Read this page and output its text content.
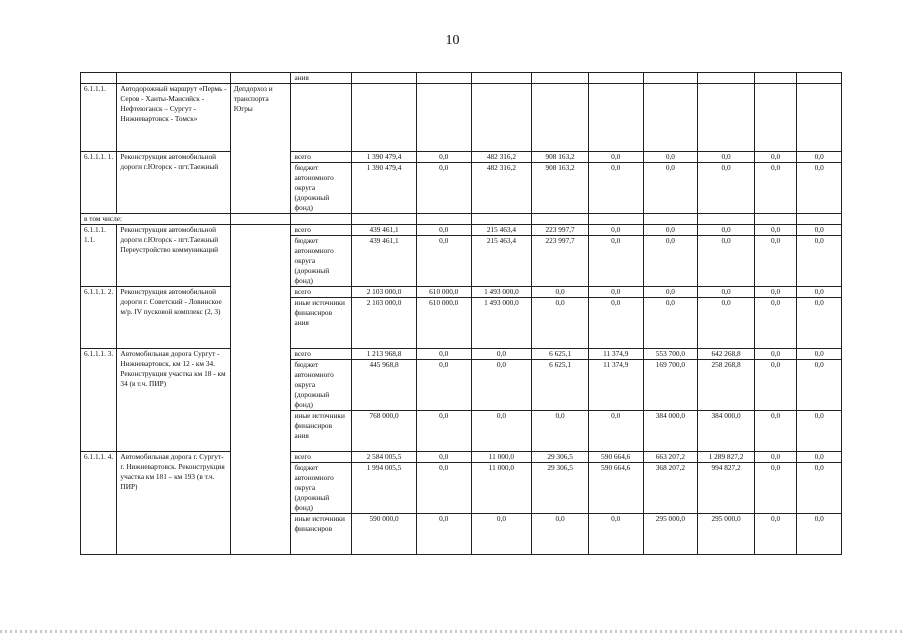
10
			ания									
6.1.1.1.	Автодорожный маршрут «Пермь - Серов - Ханты-Мансийск - Нефтеюганск – Сургут - Нижневартовск - Томск»	Депдорхоз и транспорта Югры										
6.1.1.1. 1.	Реконструкция автомобильной дороги г.Югорск - пгт.Таежный		всего	1 390 479,4	0,0	482 316,2	908 163,2	0,0	0,0	0,0	0,0	0,0
			бюджет автономного округа (дорожный фонд)	1 390 479,4	0,0	482 316,2	908 163,2	0,0	0,0	0,0	0,0	0,0
в том числе:												
6.1.1.1. 1.1.	Реконструкция автомобильной дороги г.Югорск - пгт.Таежный Переустройство коммуникаций		всего	439 461,1	0,0	215 463,4	223 997,7	0,0	0,0	0,0	0,0	0,0
			бюджет автономного округа (дорожный фонд)	439 461,1	0,0	215 463,4	223 997,7	0,0	0,0	0,0	0,0	0,0
6.1.1.1. 2.	Реконструкция автомобильной дороги г. Советский - Ловинское м/р. IV пусковой комплекс (2, 3)		всего	2 103 000,0	610 000,0	1 493 000,0	0,0	0,0	0,0	0,0	0,0	0,0
			иные источники финансиров ания	2 103 000,0	610 000,0	1 493 000,0	0,0	0,0	0,0	0,0	0,0	0,0
6.1.1.1. 3.	Автомобильная дорога Сургут - Нижневартовск, км 12 - км 34. Реконструкция участка км 18 - км 34 (в т.ч. ПИР)		всего	1 213 968,8	0,0	0,0	6 625,1	11 374,9	553 700,0	642 268,8	0,0	0,0
			бюджет автономного округа (дорожный фонд)	445 968,8	0,0	0,0	6 625,1	11 374,9	169 700,0	258 268,8	0,0	0,0
			иные источники финансиров ания	768 000,0	0,0	0,0	0,0	0,0	384 000,0	384 000,0	0,0	0,0
6.1.1.1. 4.	Автомобильная дорога г. Сургут-г. Нижневартовск. Реконструкция участка км 181 – км 193 (в т.ч. ПИР)		всего	2 584 005,5	0,0	11 000,0	29 306,5	590 664,6	663 207,2	1 289 827,2	0,0	0,0
			бюджет автономного округа (дорожный фонд)	1 994 005,5	0,0	11 000,0	29 306,5	590 664,6	368 207,2	994 827,2	0,0	0,0
			иные источники финансиров	590 000,0	0,0	0,0	0,0	0,0	295 000,0	295 000,0	0,0	0,0
